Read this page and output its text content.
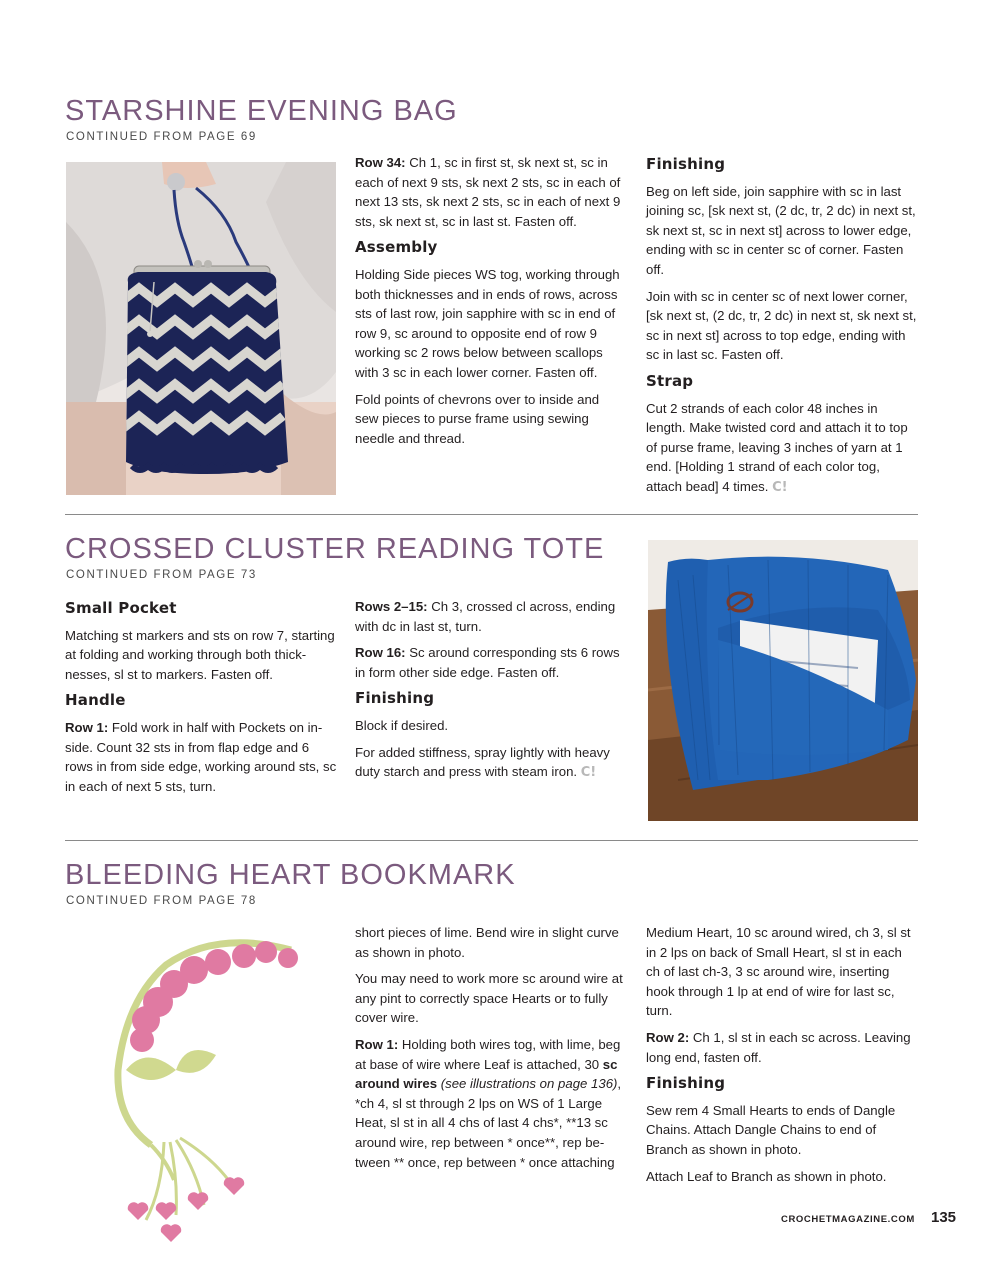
STARSHINE EVENING BAG
CONTINUED FROM PAGE 69

Row 34: Ch 1, sc in first st, sk next st, sc in each of next 9 sts, sk next 2 sts, sc in each of next 13 sts, sk next 2 sts, sc in each of next 9 sts, sk next st, sc in last st. Fasten off.

Assembly

Holding Side pieces WS tog, working through both thicknesses and in ends of rows, across sts of last row, join sapphire with sc in end of row 9, sc around to opposite end of row 9 working sc 2 rows below between scallops with 3 sc in each lower corner. Fasten off.

Fold points of chevrons over to inside and sew pieces to purse frame using sewing needle and thread.

Finishing

Beg on left side, join sapphire with sc in last joining sc, [sk next st, (2 dc, tr, 2 dc) in next st, sk next st, sc in next st] across to lower edge, ending with sc in center sc of corner. Fasten off.

Join with sc in center sc of next lower corner, [sk next st, (2 dc, tr, 2 dc) in next st, sk next st, sc in next st] across to top edge, ending with sc in last sc. Fasten off.

Strap

Cut 2 strands of each color 48 inches in length. Make twisted cord and attach it to top of purse frame, leaving 3 inches of yarn at 1 end. [Holding 1 strand of each color tog, attach bead] 4 times. C!

CROSSED CLUSTER READING TOTE
CONTINUED FROM PAGE 73
Small Pocket

Matching st markers and sts on row 7, starting at folding and working through both thick-nesses, sl st to markers. Fasten off.

Handle

Row 1: Fold work in half with Pockets on in-side. Count 32 sts in from flap edge and 6 rows in from side edge, working around sts, sc in each of next 5 sts, turn.

Rows 2–15: Ch 3, crossed cl across, ending with dc in last st, turn.

Row 16: Sc around corresponding sts 6 rows in form other side edge. Fasten off.

Finishing

Block if desired.

For added stiffness, spray lightly with heavy duty starch and press with steam iron. C!

BLEEDING HEART BOOKMARK
CONTINUED FROM PAGE 78

short pieces of lime. Bend wire in slight curve as shown in photo.

You may need to work more sc around wire at any pint to correctly space Hearts or to fully cover wire.

Row 1: Holding both wires tog, with lime, beg at base of wire where Leaf is attached, 30 sc around wires (see illustrations on page 136), *ch 4, sl st through 2 lps on WS of 1 Large Heat, sl st in all 4 chs of last 4 chs*, **13 sc around wire, rep between * once**, rep be-tween ** once, rep between * once attaching

Medium Heart, 10 sc around wired, ch 3, sl st in 2 lps on back of Small Heart, sl st in each ch of last ch-3, 3 sc around wire, inserting hook through 1 lp at end of wire for last sc, turn.

Row 2: Ch 1, sl st in each sc across. Leaving long end, fasten off.

Finishing

Sew rem 4 Small Hearts to ends of Dangle Chains. Attach Dangle Chains to end of Branch as shown in photo.

Attach Leaf to Branch as shown in photo.

CROCHETMAGAZINE.COM 135
